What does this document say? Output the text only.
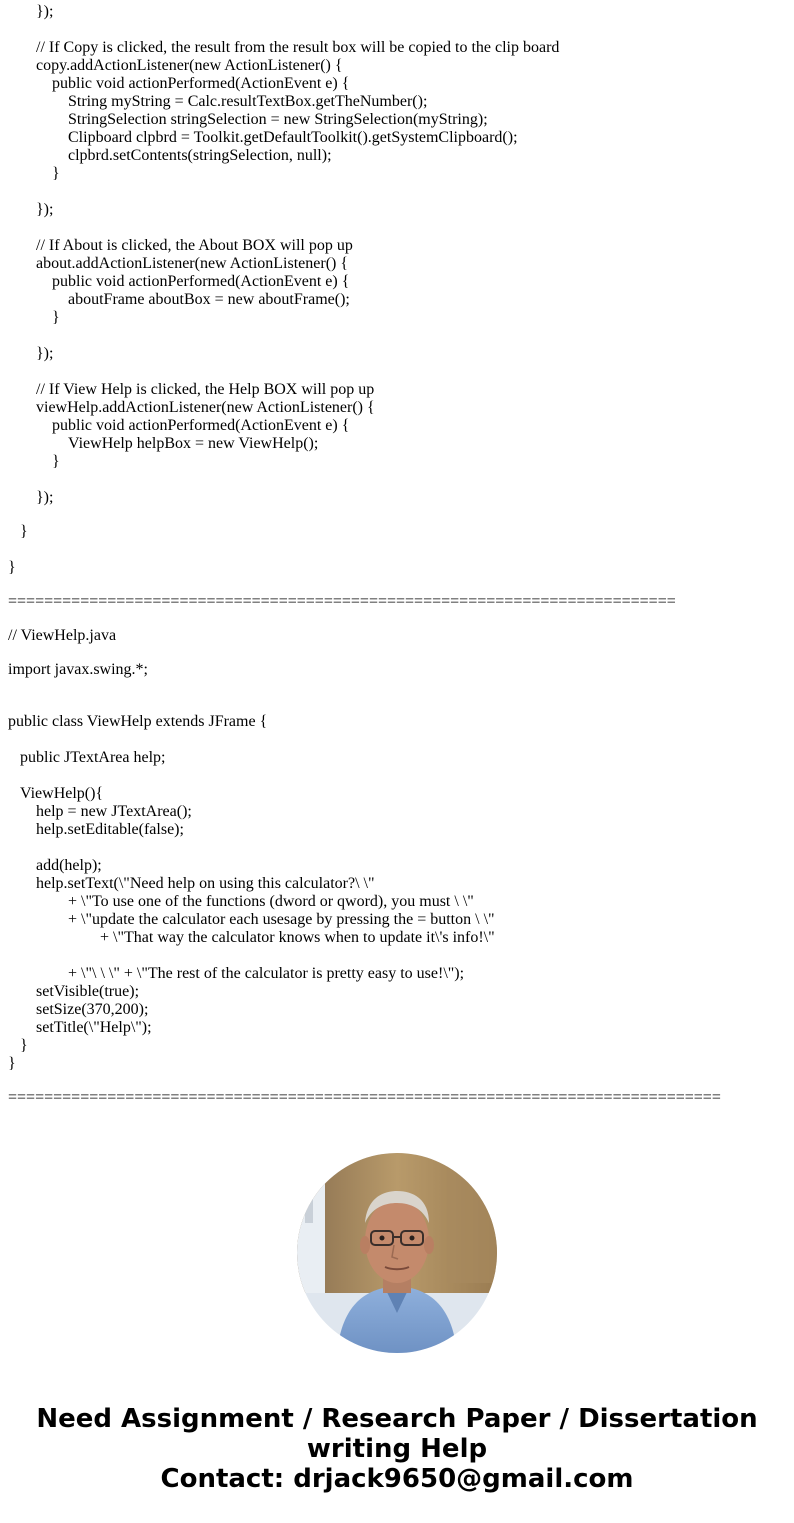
});
// If Copy is clicked, the result from the result box will be copied to the clip board
copy.addActionListener(new ActionListener() {
public void actionPerformed(ActionEvent e) {
String myString = Calc.resultTextBox.getTheNumber();
StringSelection stringSelection = new StringSelection(myString);
Clipboard clpbrd = Toolkit.getDefaultToolkit().getSystemClipboard();
clpbrd.setContents(stringSelection, null);
}
});
// If About is clicked, the About BOX will pop up
about.addActionListener(new ActionListener() {
public void actionPerformed(ActionEvent e) {
aboutFrame aboutBox = new aboutFrame();
}
});
// If View Help is clicked, the Help BOX will pop up
viewHelp.addActionListener(new ActionListener() {
public void actionPerformed(ActionEvent e) {
ViewHelp helpBox = new ViewHelp();
}
});
}
}
==========================================================================
// ViewHelp.java
import javax.swing.*;
public class ViewHelp extends JFrame {
public JTextArea help;
ViewHelp(){
help = new JTextArea();
help.setEditable(false);
add(help);
help.setText(\"Need help on using this calculator?\ \"
+ \"To use one of the functions (dword or qword), you must \ \"
+ \"update the calculator each usesage by pressing the = button \ \"
+ \"That way the calculator knows when to update it\'s info!\"
+ \"\ \ \" + \"The rest of the calculator is pretty easy to use!\");
setVisible(true);
setSize(370,200);
setTitle(\"Help\");
}
}
===============================================================================
Need Assignment / Research Paper / Dissertation
writing Help
Contact: drjack9650@gmail.com
